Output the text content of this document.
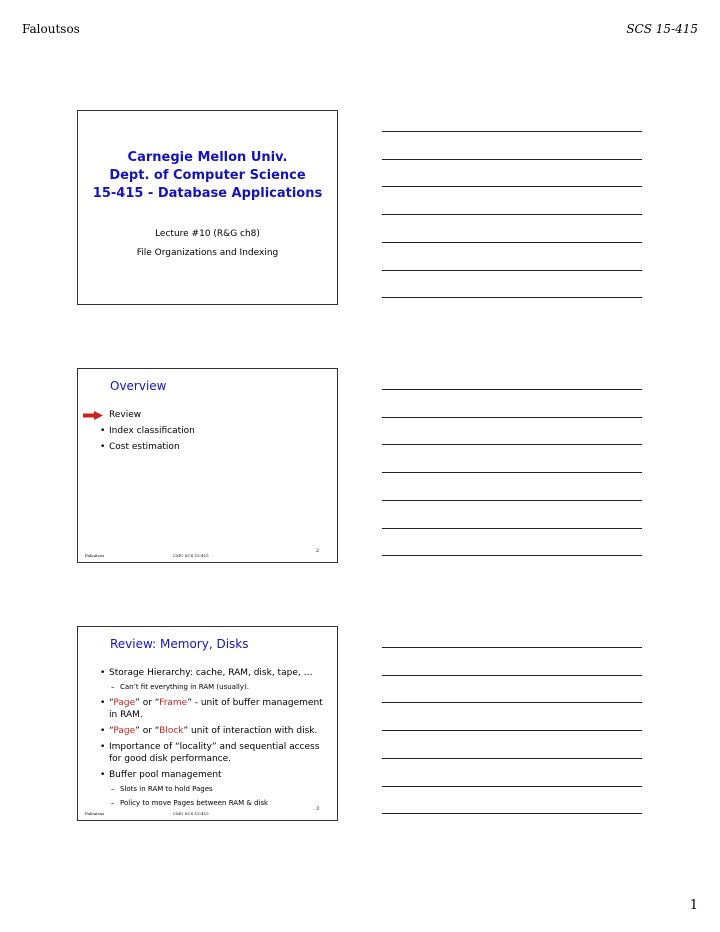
Faloutsos	SCS 15-415
Carnegie Mellon Univ.
Dept. of Computer Science
15-415 - Database Applications
Lecture #10 (R&G ch8)
File Organizations and Indexing
Overview
Review
• Index classification
• Cost estimation
Faloutsos	CMU SCS 15-415
2
Review: Memory, Disks
• Storage Hierarchy: cache, RAM, disk, tape, …
– Can’t fit everything in RAM (usually).
• “Page” or “Frame” - unit of buffer management in RAM.
• “Page” or “Block” unit of interaction with disk.
• Importance of “locality” and sequential access for good disk performance.
• Buffer pool management
– Slots in RAM to hold Pages
– Policy to move Pages between RAM & disk
Faloutsos	CMU SCS 15-415
3
1
